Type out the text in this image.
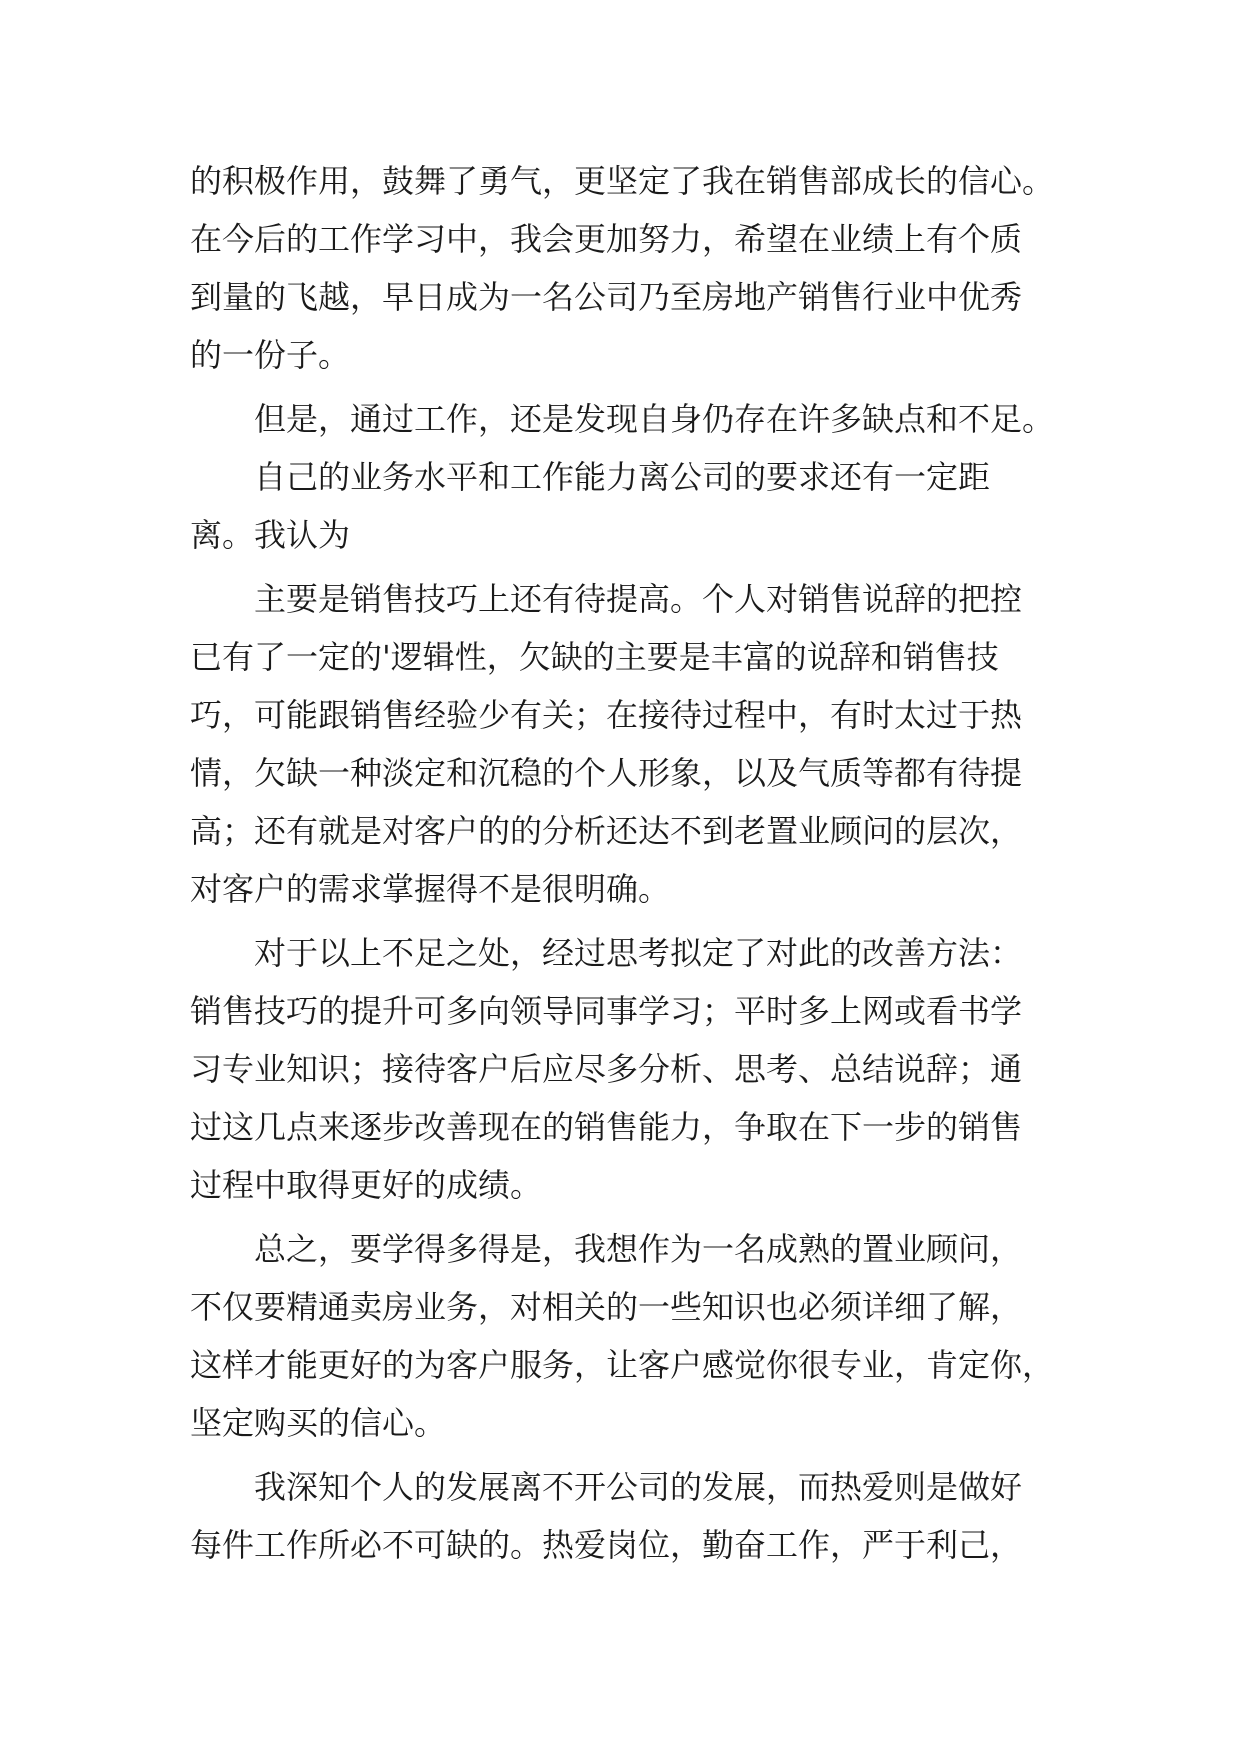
的积极作用，鼓舞了勇气，更坚定了我在销售部成长的信心。
在今后的工作学习中，我会更加努力，希望在业绩上有个质
到量的飞越，早日成为一名公司乃至房地产销售行业中优秀
的一份子。
但是，通过工作，还是发现自身仍存在许多缺点和不足。
自己的业务水平和工作能力离公司的要求还有一定距
离。我认为
主要是销售技巧上还有待提高。个人对销售说辞的把控
已有了一定的'逻辑性，欠缺的主要是丰富的说辞和销售技
巧，可能跟销售经验少有关；在接待过程中，有时太过于热
情，欠缺一种淡定和沉稳的个人形象，以及气质等都有待提
高；还有就是对客户的的分析还达不到老置业顾问的层次，
对客户的需求掌握得不是很明确。
对于以上不足之处，经过思考拟定了对此的改善方法：
销售技巧的提升可多向领导同事学习；平时多上网或看书学
习专业知识；接待客户后应尽多分析、思考、总结说辞；通
过这几点来逐步改善现在的销售能力，争取在下一步的销售
过程中取得更好的成绩。
总之，要学得多得是，我想作为一名成熟的置业顾问，
不仅要精通卖房业务，对相关的一些知识也必须详细了解，
这样才能更好的为客户服务，让客户感觉你很专业，肯定你，
坚定购买的信心。
我深知个人的发展离不开公司的发展，而热爱则是做好
每件工作所必不可缺的。热爱岗位，勤奋工作，严于利己，
